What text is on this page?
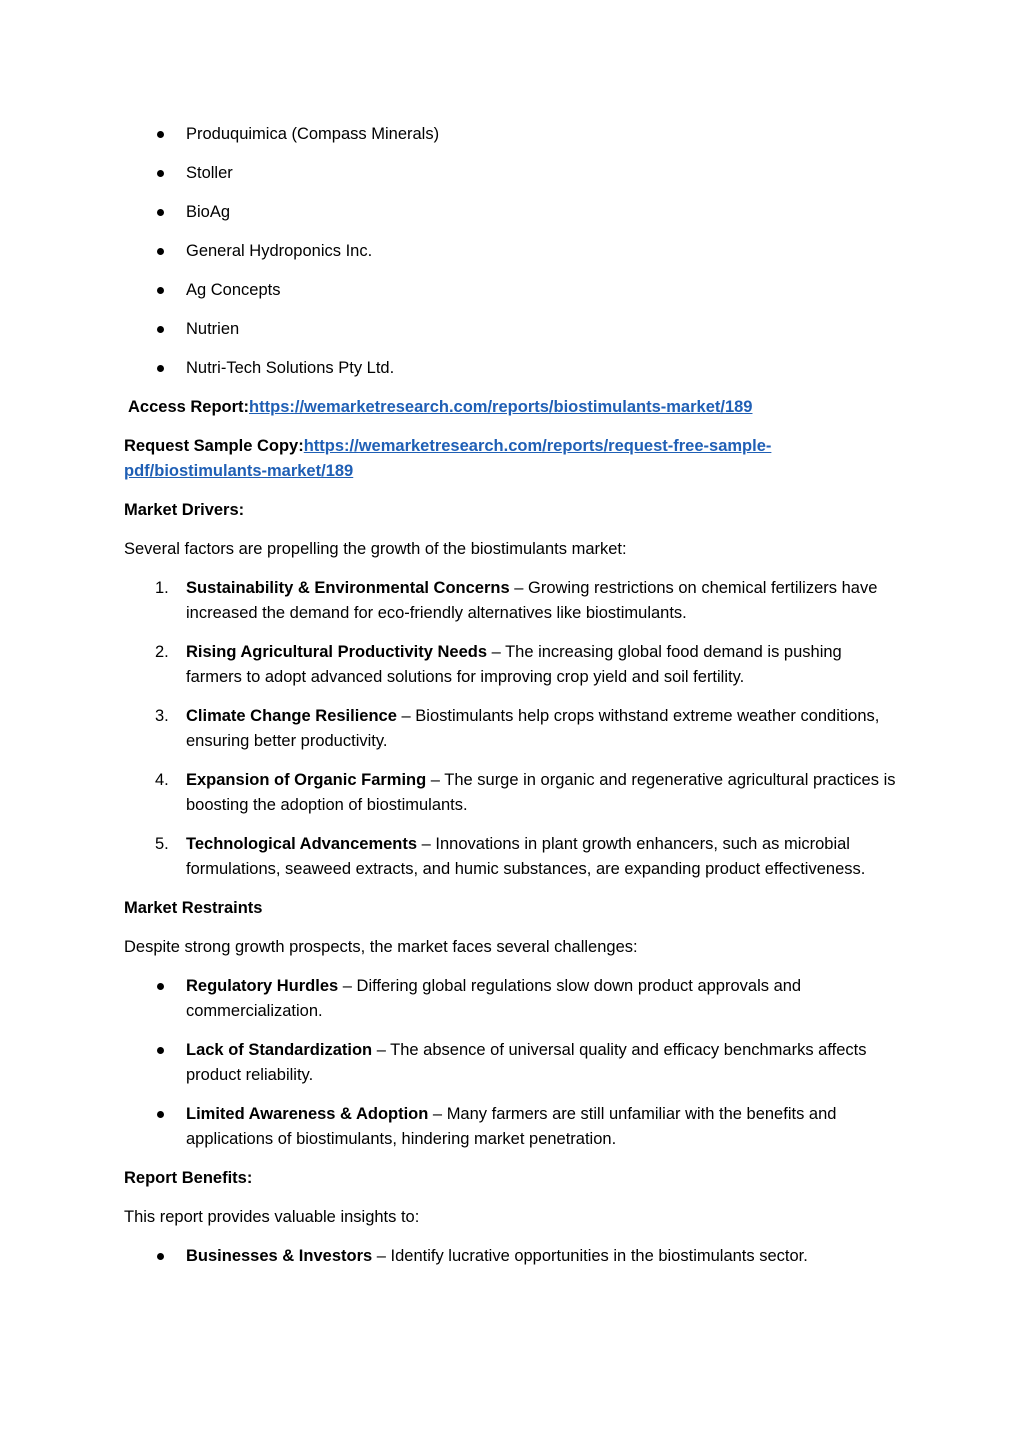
Produquimica (Compass Minerals)
Stoller
BioAg
General Hydroponics Inc.
Ag Concepts
Nutrien
Nutri-Tech Solutions Pty Ltd.

Access Report:https://wemarketresearch.com/reports/biostimulants-market/189

Request Sample Copy:https://wemarketresearch.com/reports/request-free-sample-
pdf/biostimulants-market/189

Market Drivers:

Several factors are propelling the growth of the biostimulants market:

1. Sustainability & Environmental Concerns – Growing restrictions on chemical fertilizers have increased the demand for eco-friendly alternatives like biostimulants.
2. Rising Agricultural Productivity Needs – The increasing global food demand is pushing farmers to adopt advanced solutions for improving crop yield and soil fertility.
3. Climate Change Resilience – Biostimulants help crops withstand extreme weather conditions, ensuring better productivity.
4. Expansion of Organic Farming – The surge in organic and regenerative agricultural practices is boosting the adoption of biostimulants.
5. Technological Advancements – Innovations in plant growth enhancers, such as microbial formulations, seaweed extracts, and humic substances, are expanding product effectiveness.

Market Restraints

Despite strong growth prospects, the market faces several challenges:

Regulatory Hurdles – Differing global regulations slow down product approvals and commercialization.
Lack of Standardization – The absence of universal quality and efficacy benchmarks affects product reliability.
Limited Awareness & Adoption – Many farmers are still unfamiliar with the benefits and applications of biostimulants, hindering market penetration.

Report Benefits:

This report provides valuable insights to:

Businesses & Investors – Identify lucrative opportunities in the biostimulants sector.
